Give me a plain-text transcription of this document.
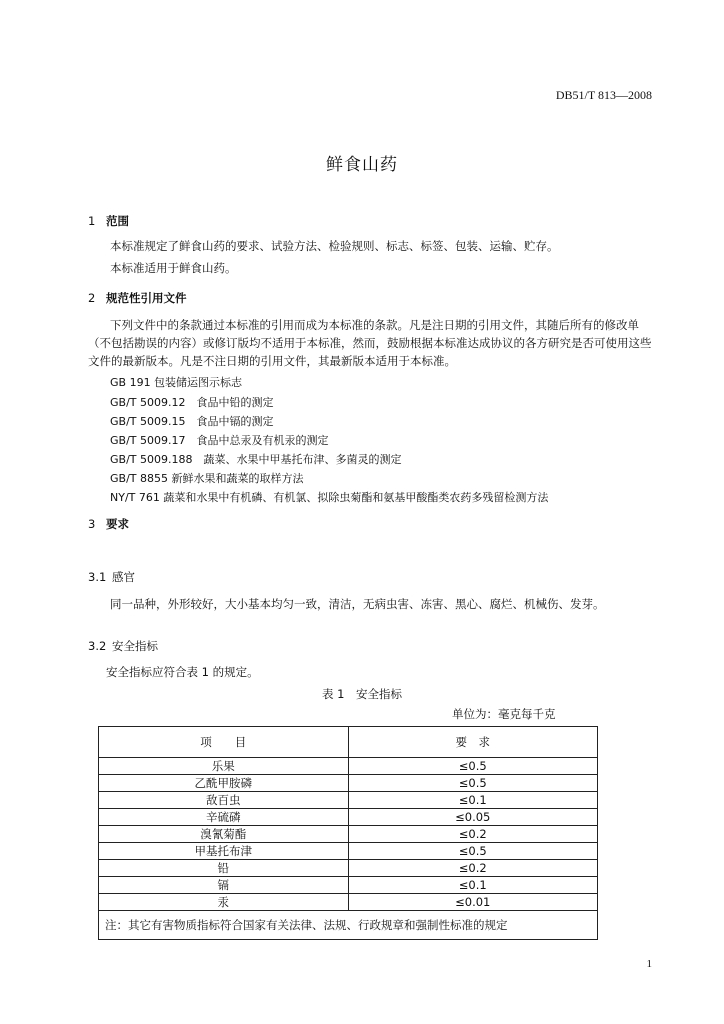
DB51/T 813—2008
鲜食山药
1 范围
本标准规定了鲜食山药的要求、试验方法、检验规则、标志、标签、包装、运输、贮存。
本标准适用于鲜食山药。
2 规范性引用文件
下列文件中的条款通过本标准的引用而成为本标准的条款。凡是注日期的引用文件，其随后所有的修改单（不包括勘误的内容）或修订版均不适用于本标准，然而，鼓励根据本标准达成协议的各方研究是否可使用这些文件的最新版本。凡是不注日期的引用文件，其最新版本适用于本标准。
GB 191 包装储运图示标志
GB/T 5009.12　食品中铅的测定
GB/T 5009.15　食品中镉的测定
GB/T 5009.17　食品中总汞及有机汞的测定
GB/T 5009.188　蔬菜、水果中甲基托布津、多菌灵的测定
GB/T 8855 新鲜水果和蔬菜的取样方法
NY/T 761 蔬菜和水果中有机磷、有机氯、拟除虫菊酯和氨基甲酸酯类农药多残留检测方法
3 要求
3.1 感官
同一品种，外形较好，大小基本均匀一致，清洁，无病虫害、冻害、黑心、腐烂、机械伤、发芽。
3.2 安全指标
安全指标应符合表 1 的规定。
表 1　安全指标
单位为：毫克每千克
项　　目	要　求
乐果	≤0.5
乙酰甲胺磷	≤0.5
敌百虫	≤0.1
辛硫磷	≤0.05
溴氰菊酯	≤0.2
甲基托布津	≤0.5
铅	≤0.2
镉	≤0.1
汞	≤0.01
注：其它有害物质指标符合国家有关法律、法规、行政规章和强制性标准的规定	
1
